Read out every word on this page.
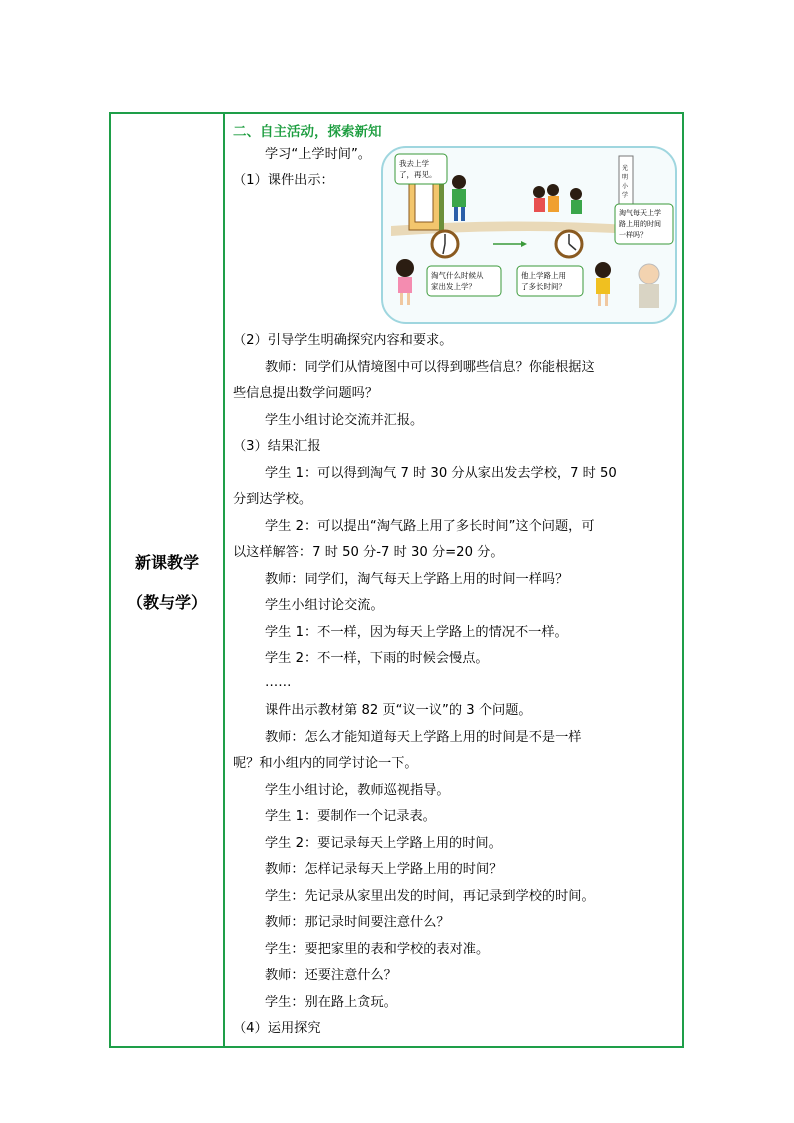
新课教学
（教与学）
二、自主活动，探索新知
学习“上学时间”。
（1）课件出示：
（2）引导学生明确探究内容和要求。
教师：同学们从情境图中可以得到哪些信息？你能根据这
些信息提出数学问题吗？
学生小组讨论交流并汇报。
（3）结果汇报
学生 1：可以得到淘气 7 时 30 分从家出发去学校，7 时 50
分到达学校。
学生 2：可以提出“淘气路上用了多长时间”这个问题，可
以这样解答：7 时 50 分-7 时 30 分=20 分。
教师：同学们，淘气每天上学路上用的时间一样吗？
学生小组讨论交流。
学生 1：不一样，因为每天上学路上的情况不一样。
学生 2：不一样，下雨的时候会慢点。
……
课件出示教材第 82 页“议一议”的 3 个问题。
教师：怎么才能知道每天上学路上用的时间是不是一样
呢？和小组内的同学讨论一下。
学生小组讨论，教师巡视指导。
学生 1：要制作一个记录表。
学生 2：要记录每天上学路上用的时间。
教师：怎样记录每天上学路上用的时间？
学生：先记录从家里出发的时间，再记录到学校的时间。
教师：那记录时间要注意什么？
学生：要把家里的表和学校的表对准。
教师：还要注意什么？
学生：别在路上贪玩。
（4）运用探究
我去上学
了，再见。
光
明
小
学
淘气每天上学
路上用的时间
一样吗？
淘气什么时候从
家出发上学？
他上学路上用
了多长时间？
